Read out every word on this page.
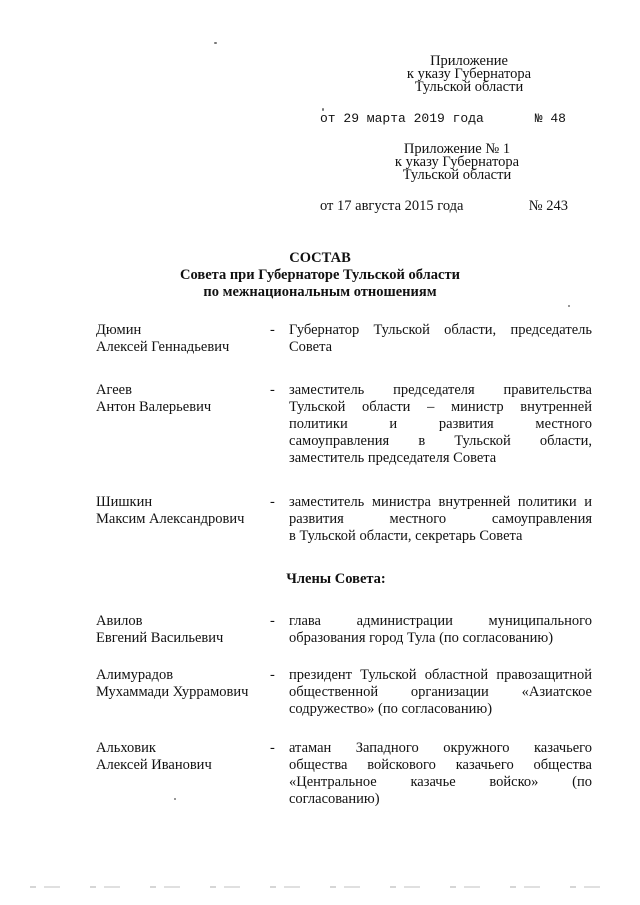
Приложение
к указу Губернатора
Тульской области
от 29 марта 2019 года	№ 48
Приложение № 1
к указу Губернатора
Тульской области
от 17 августа 2015 года	№ 243
СОСТАВ
Совета при Губернаторе Тульской области
по межнациональным отношениям
Дюмин
Алексей Геннадьевич
- Губернатор Тульской области, председатель
Совета
Агеев
Антон Валерьевич
- заместитель председателя правительства
Тульской области – министр внутренней
политики и развития местного
самоуправления в Тульской области,
заместитель председателя Совета
Шишкин
Максим Александрович
- заместитель министра внутренней политики и
развития местного самоуправления
в Тульской области, секретарь Совета
Члены Совета:
Авилов
Евгений Васильевич
- глава администрации муниципального
образования город Тула (по согласованию)
Алимурадов
Мухаммади Хуррамович
- президент Тульской областной правозащитной
общественной организации «Азиатское
содружество» (по согласованию)
Альховик
Алексей Иванович
- атаман Западного окружного казачьего
общества войскового казачьего общества
«Центральное казачье войско» (по
согласованию)
